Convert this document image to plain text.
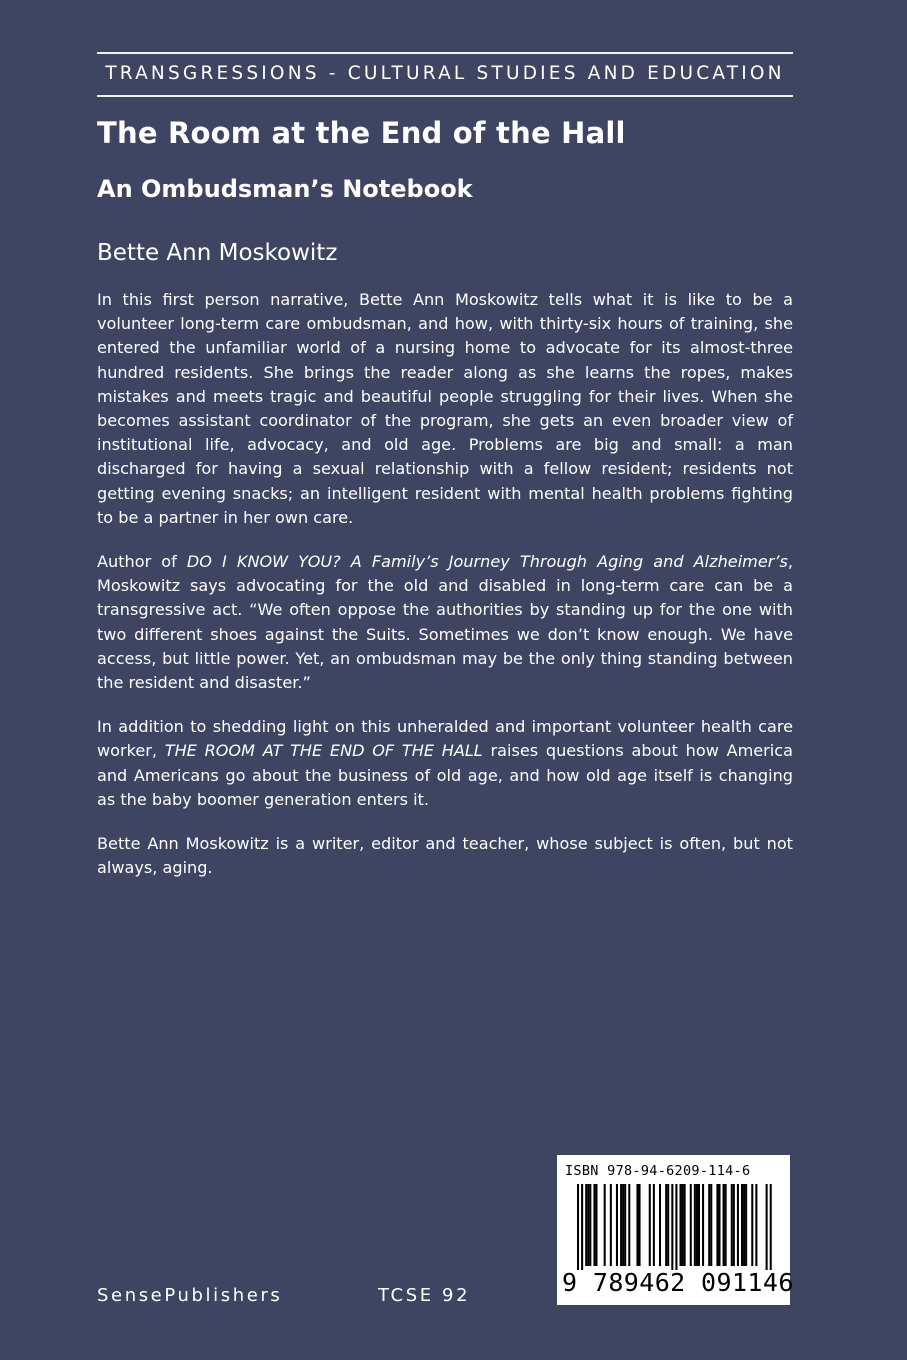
TRANSGRESSIONS - CULTURAL STUDIES AND EDUCATION
The Room at the End of the Hall
An Ombudsman’s Notebook
Bette Ann Moskowitz

In this first person narrative, Bette Ann Moskowitz tells what it is like to be a volunteer long-term care ombudsman, and how, with thirty-six hours of training, she entered the unfamiliar world of a nursing home to advocate for its almost-three hundred residents. She brings the reader along as she learns the ropes, makes mistakes and meets tragic and beautiful people struggling for their lives. When she becomes assistant coordinator of the program, she gets an even broader view of institutional life, advocacy, and old age. Problems are big and small: a man discharged for having a sexual relationship with a fellow resident; residents not getting evening snacks; an intelligent resident with mental health problems fighting to be a partner in her own care.

Author of DO I KNOW YOU? A Family’s Journey Through Aging and Alzheimer’s, Moskowitz says advocating for the old and disabled in long-term care can be a transgressive act. “We often oppose the authorities by standing up for the one with two different shoes against the Suits. Sometimes we don’t know enough. We have access, but little power. Yet, an ombudsman may be the only thing standing between the resident and disaster.”

In addition to shedding light on this unheralded and important volunteer health care worker, THE ROOM AT THE END OF THE HALL raises questions about how America and Americans go about the business of old age, and how old age itself is changing as the baby boomer generation enters it.

Bette Ann Moskowitz is a writer, editor and teacher, whose subject is often, but not always, aging.

SensePublishers	TCSE 92
ISBN 978-94-6209-114-6
9 789462 091146
